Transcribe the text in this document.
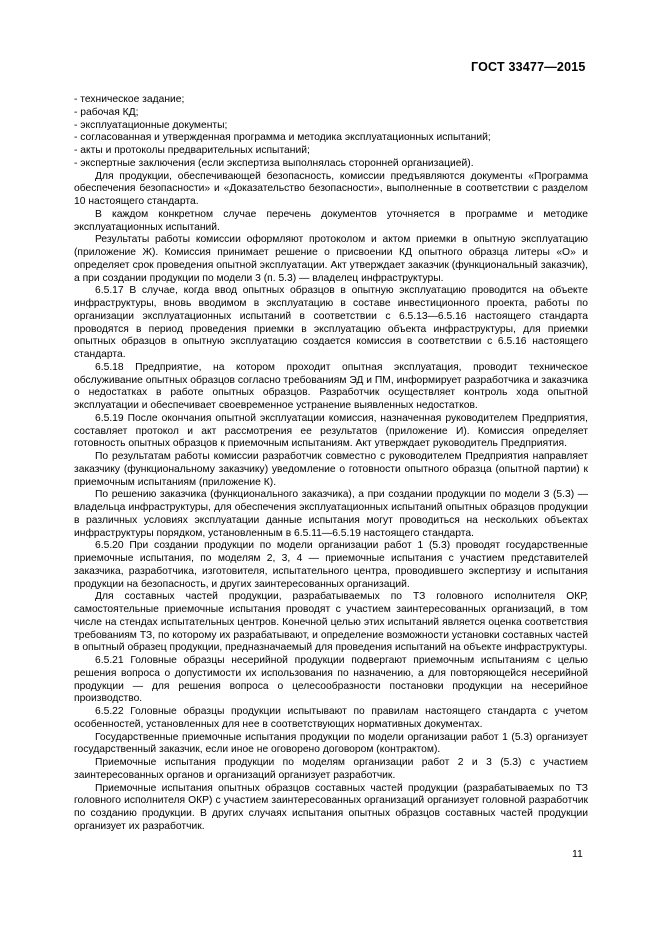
ГОСТ 33477—2015

- техническое задание;

- рабочая КД;

- эксплуатационные документы;

- согласованная и утвержденная программа и методика эксплуатационных испытаний;

- акты и протоколы предварительных испытаний;

- экспертные заключения (если экспертиза выполнялась сторонней организацией).

Для продукции, обеспечивающей безопасность, комиссии предъявляются документы «Программа обеспечения безопасности» и «Доказательство безопасности», выполненные в соответствии с разделом 10 настоящего стандарта.

В каждом конкретном случае перечень документов уточняется в программе и методике эксплуатационных испытаний.

Результаты работы комиссии оформляют протоколом и актом приемки в опытную эксплуатацию (приложение Ж). Комиссия принимает решение о присвоении КД опытного образца литеры «О» и определяет срок проведения опытной эксплуатации. Акт утверждает заказчик (функциональный заказчик), а при создании продукции по модели 3 (п. 5.3) — владелец инфраструктуры.

6.5.17 В случае, когда ввод опытных образцов в опытную эксплуатацию проводится на объекте инфраструктуры, вновь вводимом в эксплуатацию в составе инвестиционного проекта, работы по организации эксплуатационных испытаний в соответствии с 6.5.13—6.5.16 настоящего стандарта проводятся в период проведения приемки в эксплуатацию объекта инфраструктуры, для приемки опытных образцов в опытную эксплуатацию создается комиссия в соответствии с 6.5.16 настоящего стандарта.

6.5.18 Предприятие, на котором проходит опытная эксплуатация, проводит техническое обслуживание опытных образцов согласно требованиям ЭД и ПМ, информирует разработчика и заказчика о недостатках в работе опытных образцов. Разработчик осуществляет контроль хода опытной эксплуатации и обеспечивает своевременное устранение выявленных недостатков.

6.5.19 После окончания опытной эксплуатации комиссия, назначенная руководителем Предприятия, составляет протокол и акт рассмотрения ее результатов (приложение И). Комиссия определяет готовность опытных образцов к приемочным испытаниям. Акт утверждает руководитель Предприятия.

По результатам работы комиссии разработчик совместно с руководителем Предприятия направляет заказчику (функциональному заказчику) уведомление о готовности опытного образца (опытной партии) к приемочным испытаниям (приложение К).

По решению заказчика (функционального заказчика), а при создании продукции по модели 3 (5.3) — владельца инфраструктуры, для обеспечения эксплуатационных испытаний опытных образцов продукции в различных условиях эксплуатации данные испытания могут проводиться на нескольких объектах инфраструктуры порядком, установленным в 6.5.11—6.5.19 настоящего стандарта.

6.5.20 При создании продукции по модели организации работ 1 (5.3) проводят государственные приемочные испытания, по моделям 2, 3, 4 — приемочные испытания с участием представителей заказчика, разработчика, изготовителя, испытательного центра, проводившего экспертизу и испытания продукции на безопасность, и других заинтересованных организаций.

Для составных частей продукции, разрабатываемых по ТЗ головного исполнителя ОКР, самостоятельные приемочные испытания проводят с участием заинтересованных организаций, в том числе на стендах испытательных центров. Конечной целью этих испытаний является оценка соответствия требованиям ТЗ, по которому их разрабатывают, и определение возможности установки составных частей в опытный образец продукции, предназначаемый для проведения испытаний на объекте инфраструктуры.

6.5.21 Головные образцы несерийной продукции подвергают приемочным испытаниям с целью решения вопроса о допустимости их использования по назначению, а для повторяющейся несерийной продукции — для решения вопроса о целесообразности постановки продукции на несерийное производство.

6.5.22 Головные образцы продукции испытывают по правилам настоящего стандарта с учетом особенностей, установленных для нее в соответствующих нормативных документах.

Государственные приемочные испытания продукции по модели организации работ 1 (5.3) организует государственный заказчик, если иное не оговорено договором (контрактом).

Приемочные испытания продукции по моделям организации работ 2 и 3 (5.3) с участием заинтересованных органов и организаций организует разработчик.

Приемочные испытания опытных образцов составных частей продукции (разрабатываемых по ТЗ головного исполнителя ОКР) с участием заинтересованных организаций организует головной разработчик по созданию продукции. В других случаях испытания опытных образцов составных частей продукции организует их разработчик.

11
